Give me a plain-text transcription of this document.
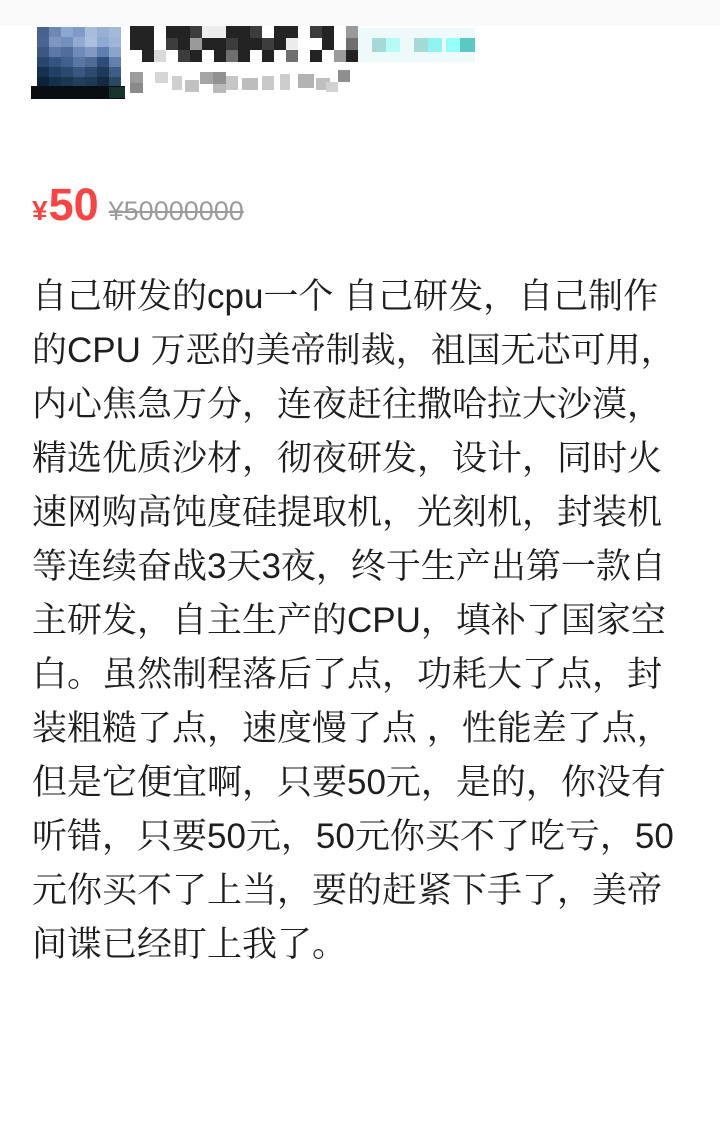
¥ 50 ¥50000000
自己研发的cpu一个 自己研发，自己制作的CPU 万恶的美帝制裁，祖国无芯可用，内心焦急万分，连夜赶往撒哈拉大沙漠，精选优质沙材，彻夜研发，设计，同时火速网购高饨度硅提取机，光刻机，封装机等连续奋战3天3夜，终于生产出第一款自主研发，自主生产的CPU，填补了国家空白。虽然制程落后了点，功耗大了点，封装粗糙了点，速度慢了点 ，性能差了点，但是它便宜啊，只要50元，是的，你没有听错，只要50元，50元你买不了吃亏，50元你买不了上当，要的赶紧下手了，美帝间谍已经盯上我了。
